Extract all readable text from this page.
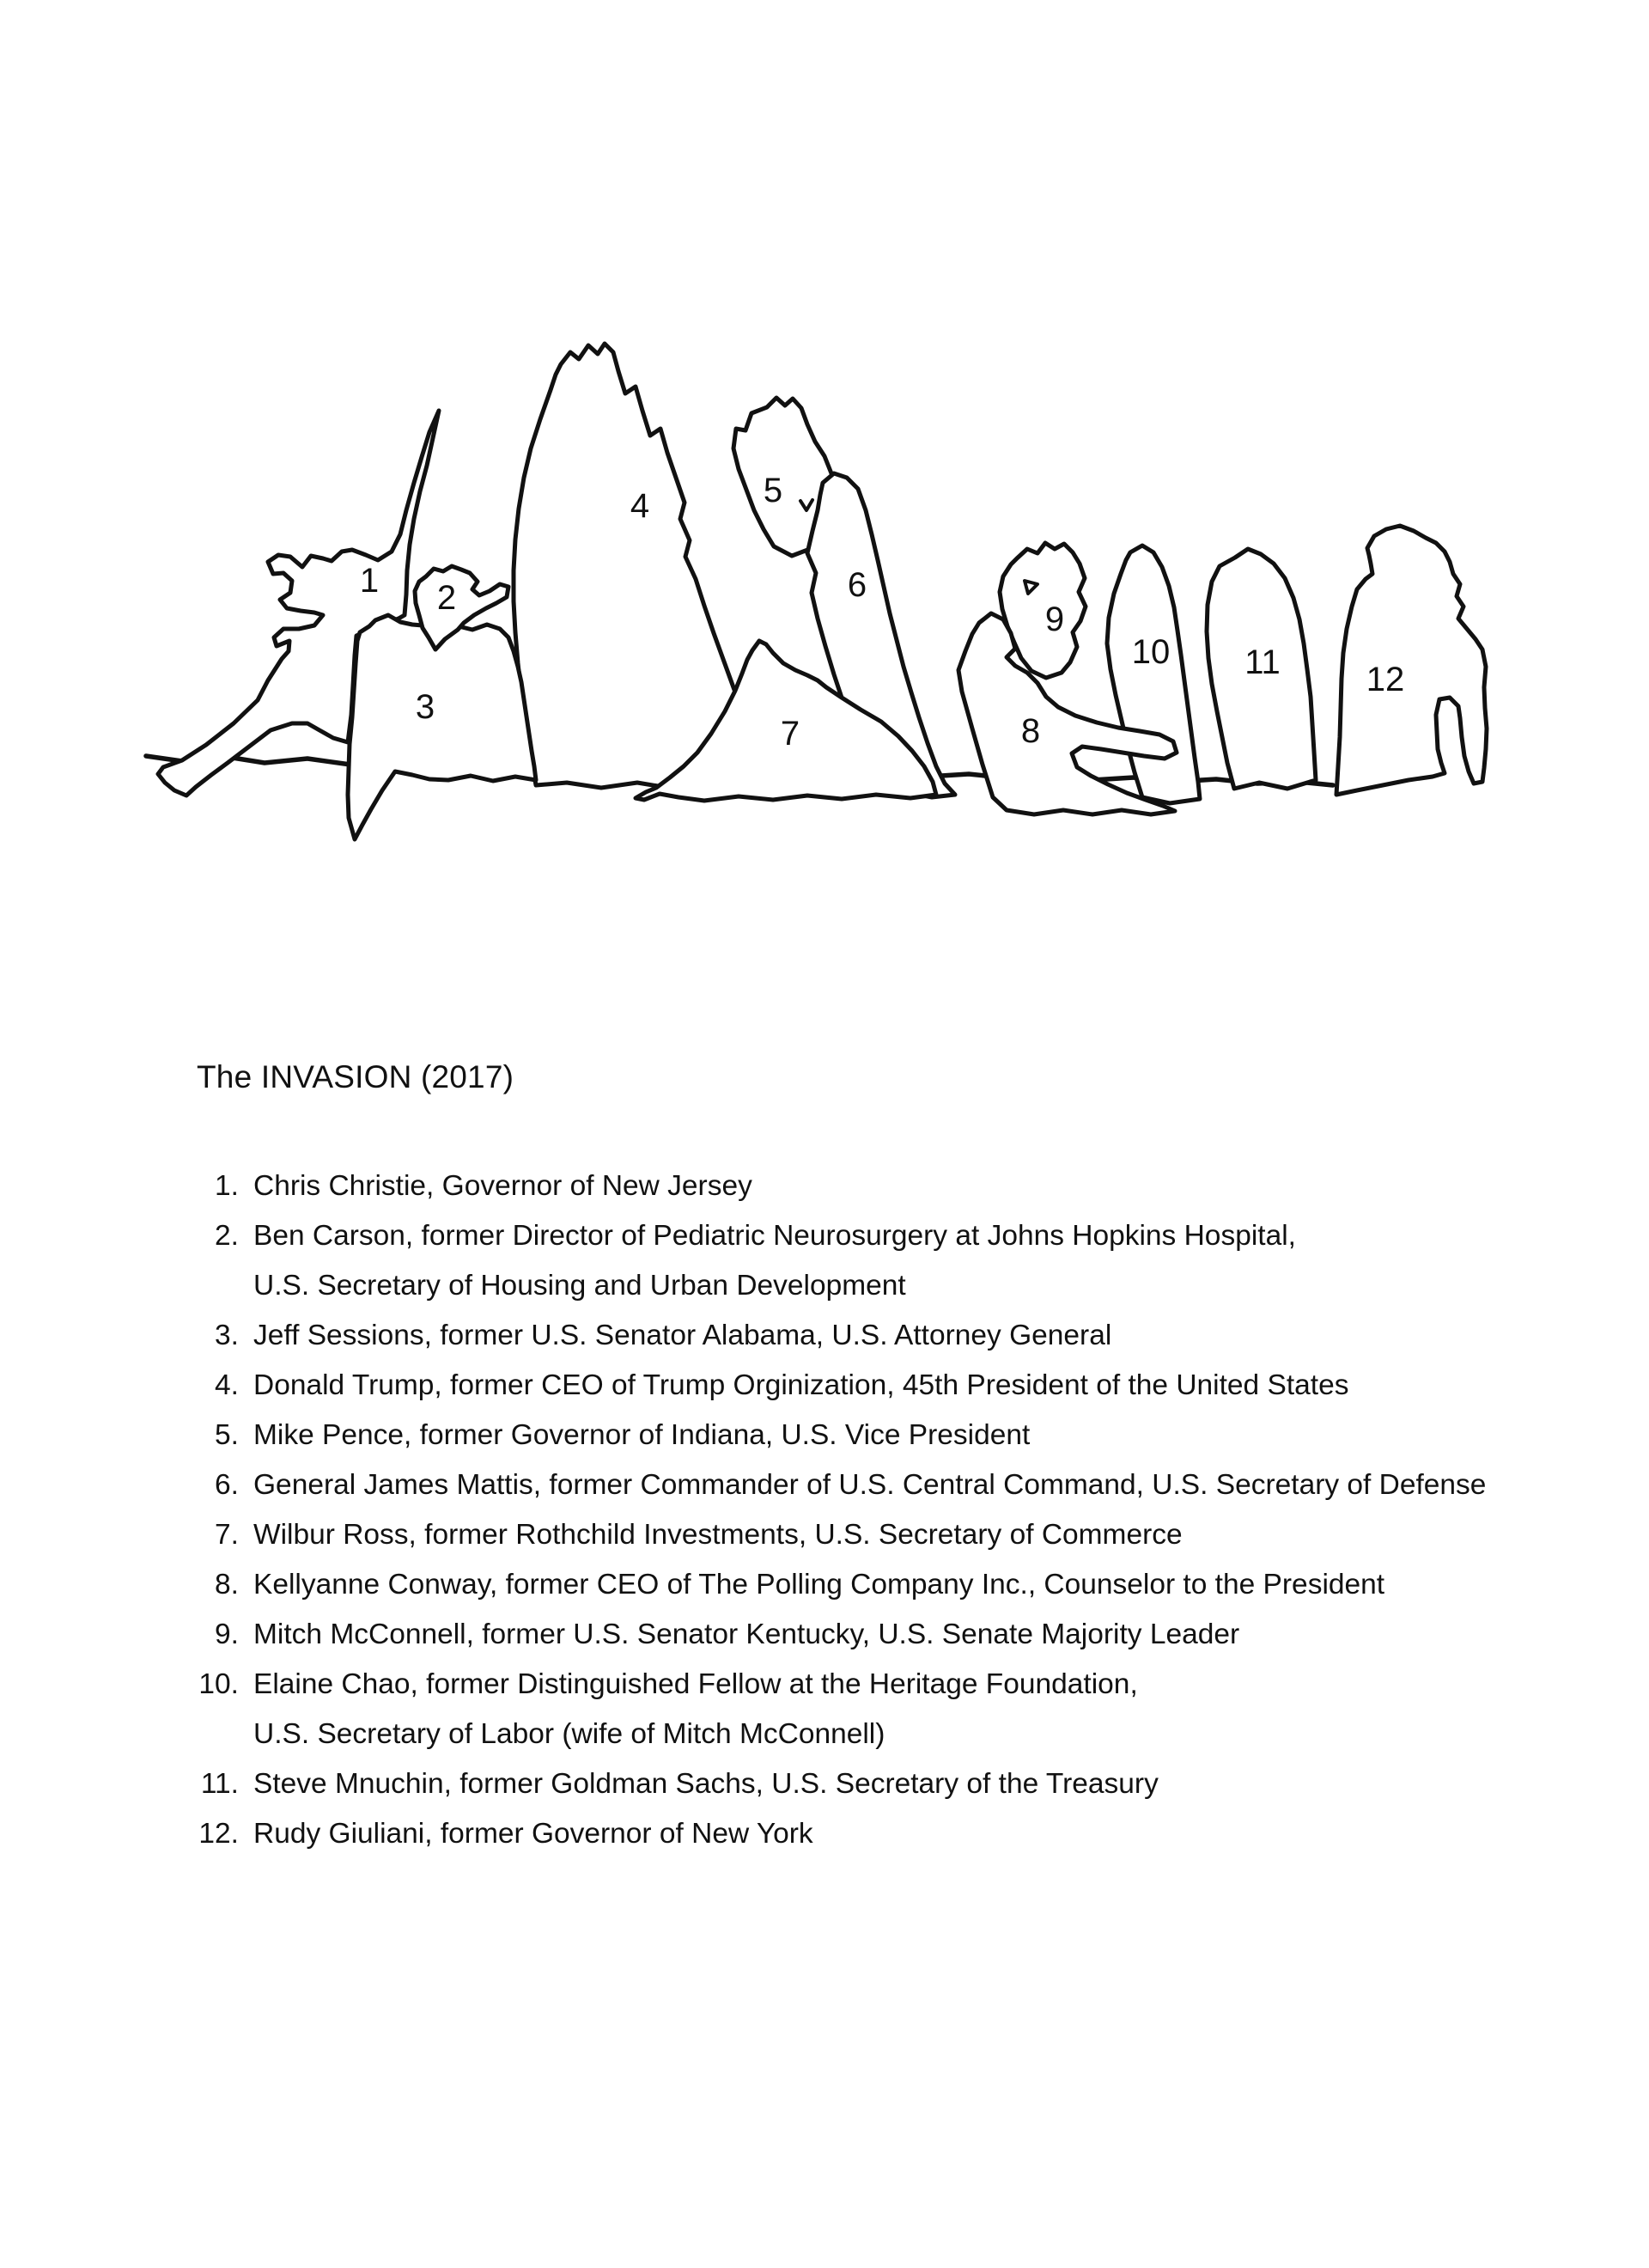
1 2
3
4	5
6
7	8
9
10 11 12
The INVASION (2017)
1. Chris Christie, Governor of New Jersey
2. Ben Carson, former Director of Pediatric Neurosurgery at Johns Hopkins Hospital,
U.S. Secretary of Housing and Urban Development
3. Jeff Sessions, former U.S. Senator Alabama, U.S. Attorney General
4. Donald Trump, former CEO of Trump Orginization, 45th President of the United States
5. Mike Pence, former Governor of Indiana, U.S. Vice President
6. General James Mattis, former Commander of U.S. Central Command, U.S. Secretary of Defense
7. Wilbur Ross, former Rothchild Investments, U.S. Secretary of Commerce
8. Kellyanne Conway, former CEO of The Polling Company Inc., Counselor to the President
9. Mitch McConnell, former U.S. Senator Kentucky, U.S. Senate Majority Leader
10. Elaine Chao, former Distinguished Fellow at the Heritage Foundation,
U.S. Secretary of Labor (wife of Mitch McConnell)
11. Steve Mnuchin, former Goldman Sachs, U.S. Secretary of the Treasury
12. Rudy Giuliani, former Governor of New York
